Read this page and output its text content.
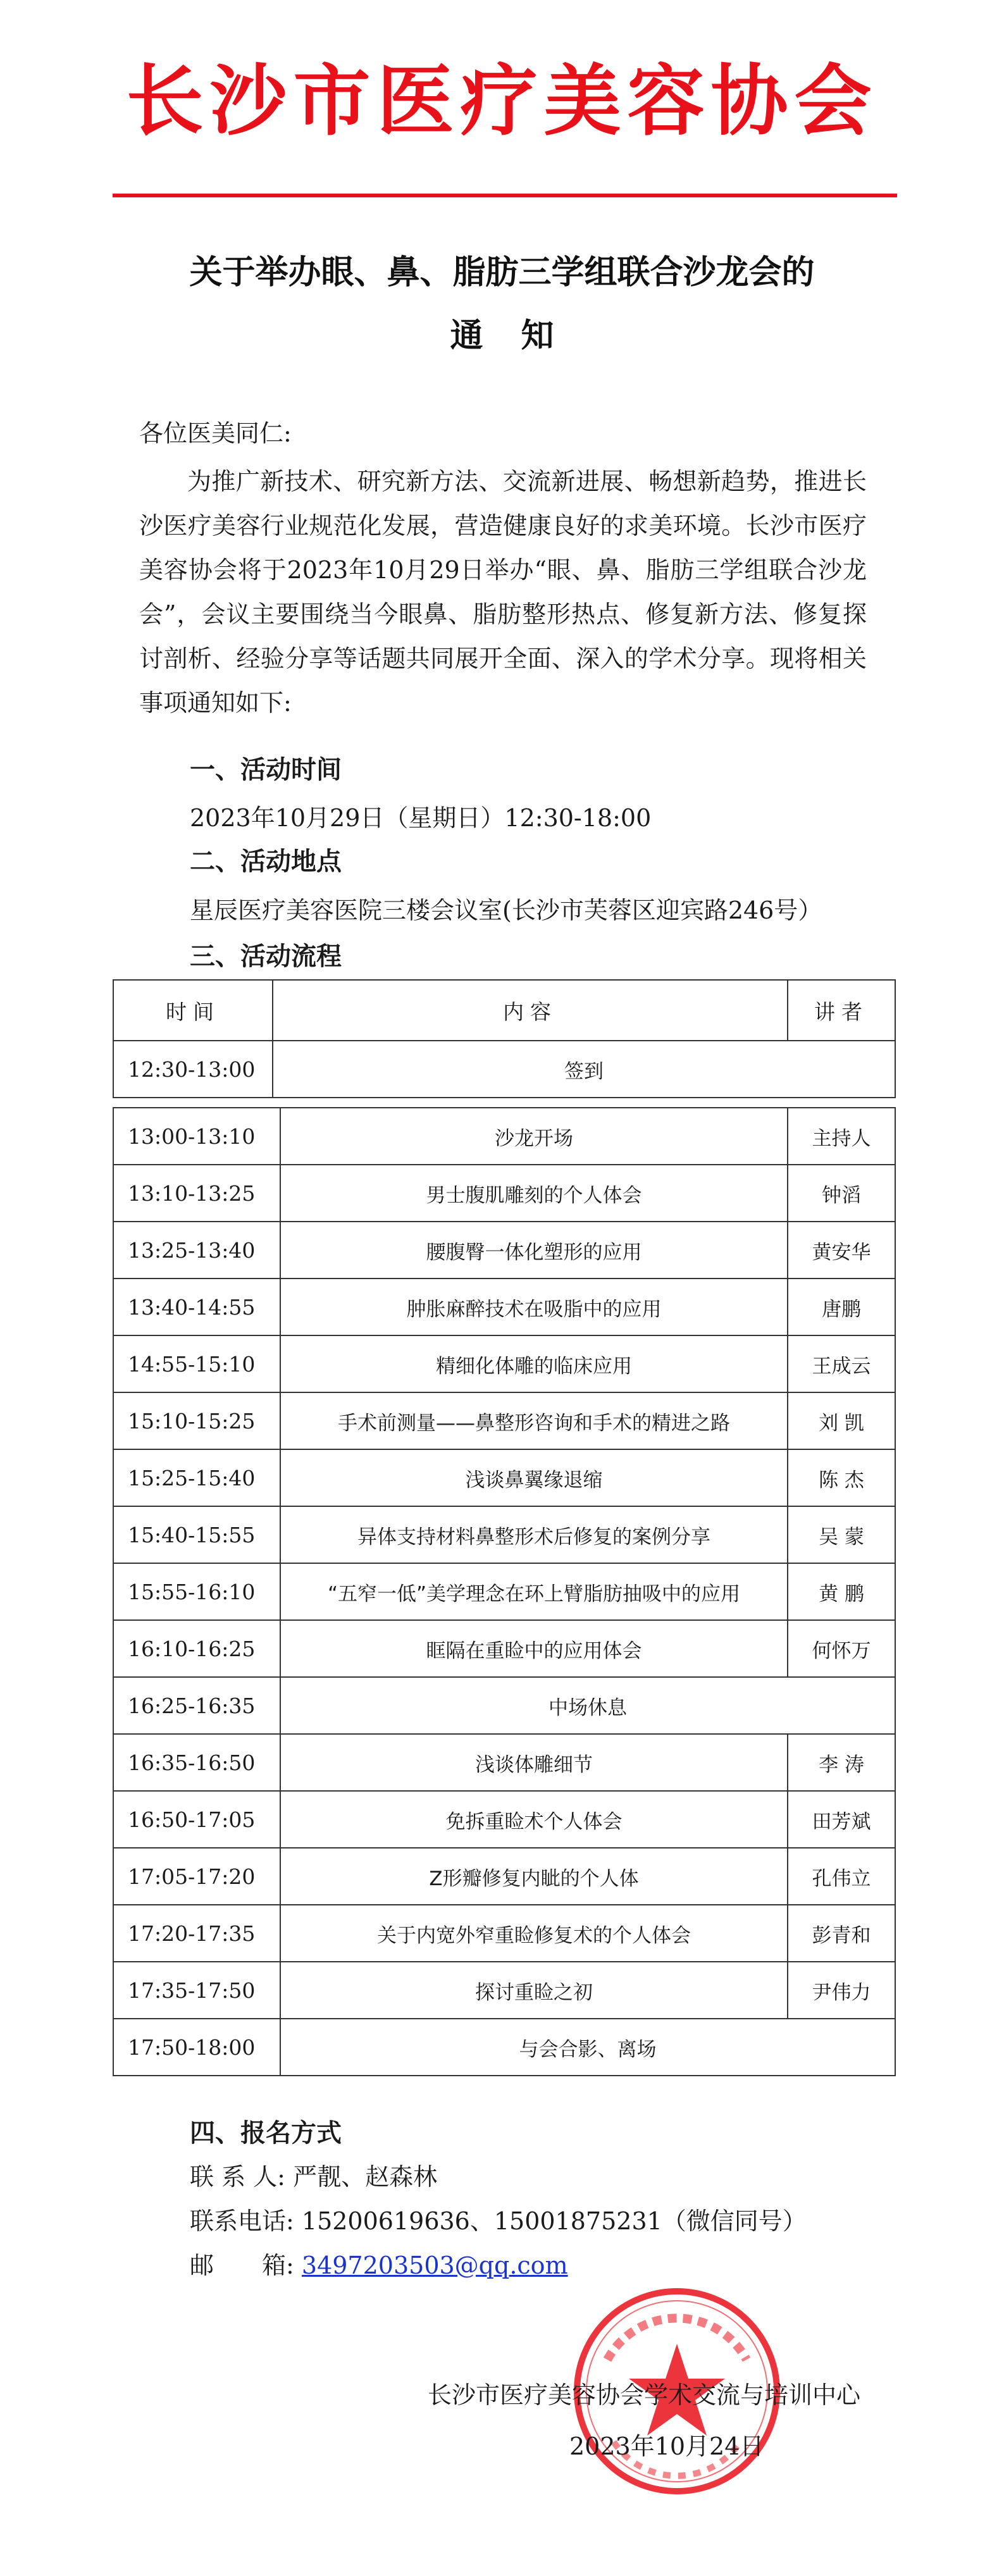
长沙市医疗美容协会
关于举办眼、鼻、脂肪三学组联合沙龙会的
通知
各位医美同仁:
为推广新技术、研究新方法、交流新进展、畅想新趋势，推进长沙医疗美容行业规范化发展，营造健康良好的求美环境。长沙市医疗美容协会将于2023年10月29日举办“眼、鼻、脂肪三学组联合沙龙会”，会议主要围绕当今眼鼻、脂肪整形热点、修复新方法、修复探讨剖析、经验分享等话题共同展开全面、深入的学术分享。现将相关事项通知如下:
一、活动时间
2023年10月29日（星期日）12:30-18:00
二、活动地点
星辰医疗美容医院三楼会议室(长沙市芙蓉区迎宾路246号）
三、活动流程
时间	内容	讲者
12:30-13:00	签到	
13:00-13:10	沙龙开场	主持人
13:10-13:25	男士腹肌雕刻的个人体会	钟滔
13:25-13:40	腰腹臀一体化塑形的应用	黄安华
13:40-14:55	肿胀麻醉技术在吸脂中的应用	唐鹏
14:55-15:10	精细化体雕的临床应用	王成云
15:10-15:25	手术前测量——鼻整形咨询和手术的精进之路	刘 凯
15:25-15:40	浅谈鼻翼缘退缩	陈 杰
15:40-15:55	异体支持材料鼻整形术后修复的案例分享	吴 蒙
15:55-16:10	“五窄一低”美学理念在环上臂脂肪抽吸中的应用	黄 鹏
16:10-16:25	眶隔在重睑中的应用体会	何怀万
16:25-16:35	中场休息	
16:35-16:50	浅谈体雕细节	李 涛
16:50-17:05	免拆重睑术个人体会	田芳斌
17:05-17:20	Z形瓣修复内眦的个人体	孔伟立
17:20-17:35	关于内宽外窄重睑修复术的个人体会	彭青和
17:35-17:50	探讨重睑之初	尹伟力
17:50-18:00	与会合影、离场	
四、报名方式
联 系 人: 严靓、赵森林
联系电话: 15200619636、15001875231（微信同号）
邮　　箱: 3497203503@qq.com
长沙市医疗美容协会学术交流与培训中心
2023年10月24日
